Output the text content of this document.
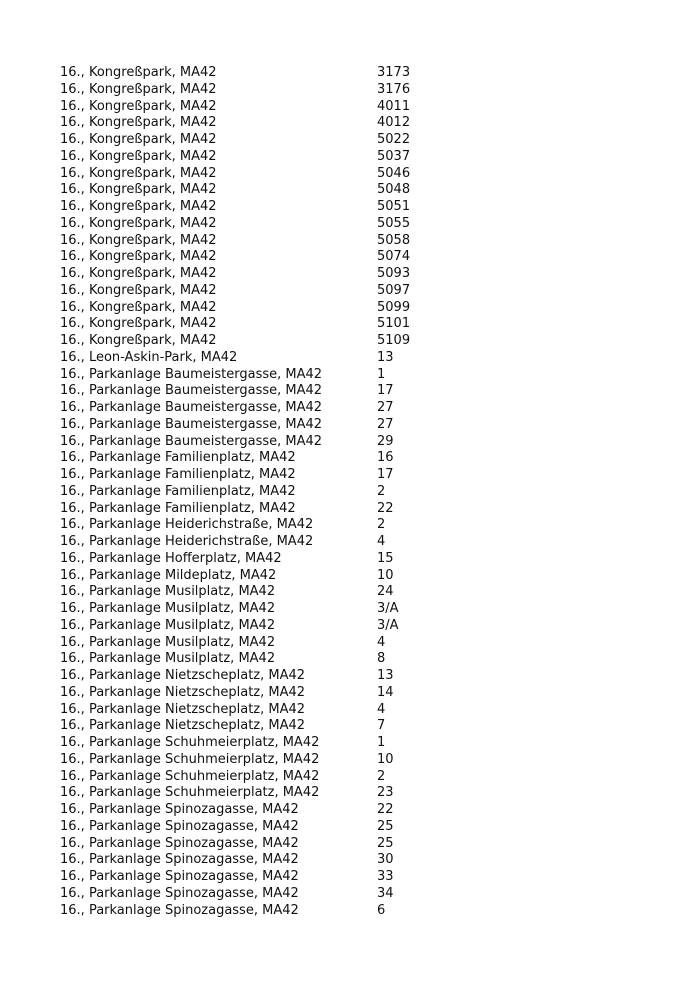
16., Kongreßpark, MA42	3173
16., Kongreßpark, MA42	3176
16., Kongreßpark, MA42	4011
16., Kongreßpark, MA42	4012
16., Kongreßpark, MA42	5022
16., Kongreßpark, MA42	5037
16., Kongreßpark, MA42	5046
16., Kongreßpark, MA42	5048
16., Kongreßpark, MA42	5051
16., Kongreßpark, MA42	5055
16., Kongreßpark, MA42	5058
16., Kongreßpark, MA42	5074
16., Kongreßpark, MA42	5093
16., Kongreßpark, MA42	5097
16., Kongreßpark, MA42	5099
16., Kongreßpark, MA42	5101
16., Kongreßpark, MA42	5109
16., Leon-Askin-Park, MA42	13
16., Parkanlage Baumeistergasse, MA42	1
16., Parkanlage Baumeistergasse, MA42	17
16., Parkanlage Baumeistergasse, MA42	27
16., Parkanlage Baumeistergasse, MA42	27
16., Parkanlage Baumeistergasse, MA42	29
16., Parkanlage Familienplatz, MA42	16
16., Parkanlage Familienplatz, MA42	17
16., Parkanlage Familienplatz, MA42	2
16., Parkanlage Familienplatz, MA42	22
16., Parkanlage Heiderichstraße, MA42	2
16., Parkanlage Heiderichstraße, MA42	4
16., Parkanlage Hofferplatz, MA42	15
16., Parkanlage Mildeplatz, MA42	10
16., Parkanlage Musilplatz, MA42	24
16., Parkanlage Musilplatz, MA42	3/A
16., Parkanlage Musilplatz, MA42	3/A
16., Parkanlage Musilplatz, MA42	4
16., Parkanlage Musilplatz, MA42	8
16., Parkanlage Nietzscheplatz, MA42	13
16., Parkanlage Nietzscheplatz, MA42	14
16., Parkanlage Nietzscheplatz, MA42	4
16., Parkanlage Nietzscheplatz, MA42	7
16., Parkanlage Schuhmeierplatz, MA42	1
16., Parkanlage Schuhmeierplatz, MA42	10
16., Parkanlage Schuhmeierplatz, MA42	2
16., Parkanlage Schuhmeierplatz, MA42	23
16., Parkanlage Spinozagasse, MA42	22
16., Parkanlage Spinozagasse, MA42	25
16., Parkanlage Spinozagasse, MA42	25
16., Parkanlage Spinozagasse, MA42	30
16., Parkanlage Spinozagasse, MA42	33
16., Parkanlage Spinozagasse, MA42	34
16., Parkanlage Spinozagasse, MA42	6
